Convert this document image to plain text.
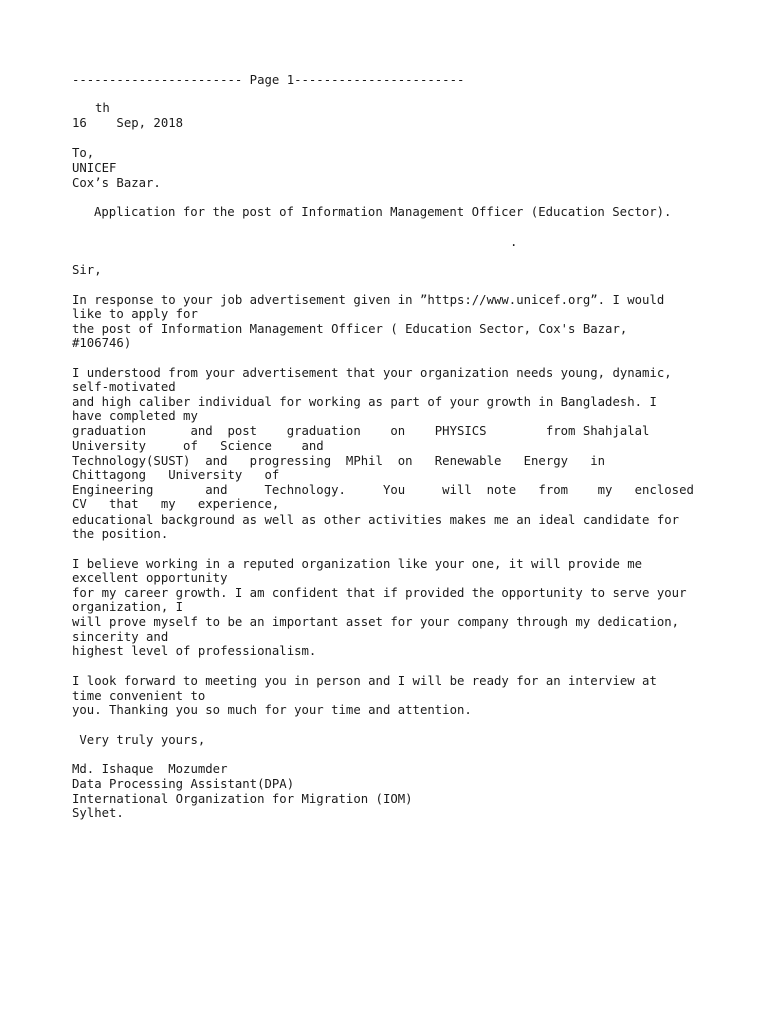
----------------------- Page 1-----------------------
th
16    Sep, 2018
To,
UNICEF
Cox’s Bazar.
Application for the post of Information Management Officer (Education Sector).
.
Sir,
In response to your job advertisement given in ”https://www.unicef.org”. I would
like to apply for
the post of Information Management Officer ( Education Sector, Cox's Bazar,
#106746)
I understood from your advertisement that your organization needs young, dynamic,
self-motivated
and high caliber individual for working as part of your growth in Bangladesh. I
have completed my
graduation      and  post    graduation    on    PHYSICS        from Shahjalal
University     of   Science    and
Technology(SUST)  and   progressing  MPhil  on   Renewable   Energy   in
Chittagong   University   of
Engineering       and     Technology.     You     will  note   from    my   enclosed
CV   that   my   experience,
educational background as well as other activities makes me an ideal candidate for
the position.
I believe working in a reputed organization like your one, it will provide me
excellent opportunity
for my career growth. I am confident that if provided the opportunity to serve your
organization, I
will prove myself to be an important asset for your company through my dedication,
sincerity and
highest level of professionalism.
I look forward to meeting you in person and I will be ready for an interview at
time convenient to
you. Thanking you so much for your time and attention.
Very truly yours,
Md. Ishaque  Mozumder
Data Processing Assistant(DPA)
International Organization for Migration (IOM)
Sylhet.
